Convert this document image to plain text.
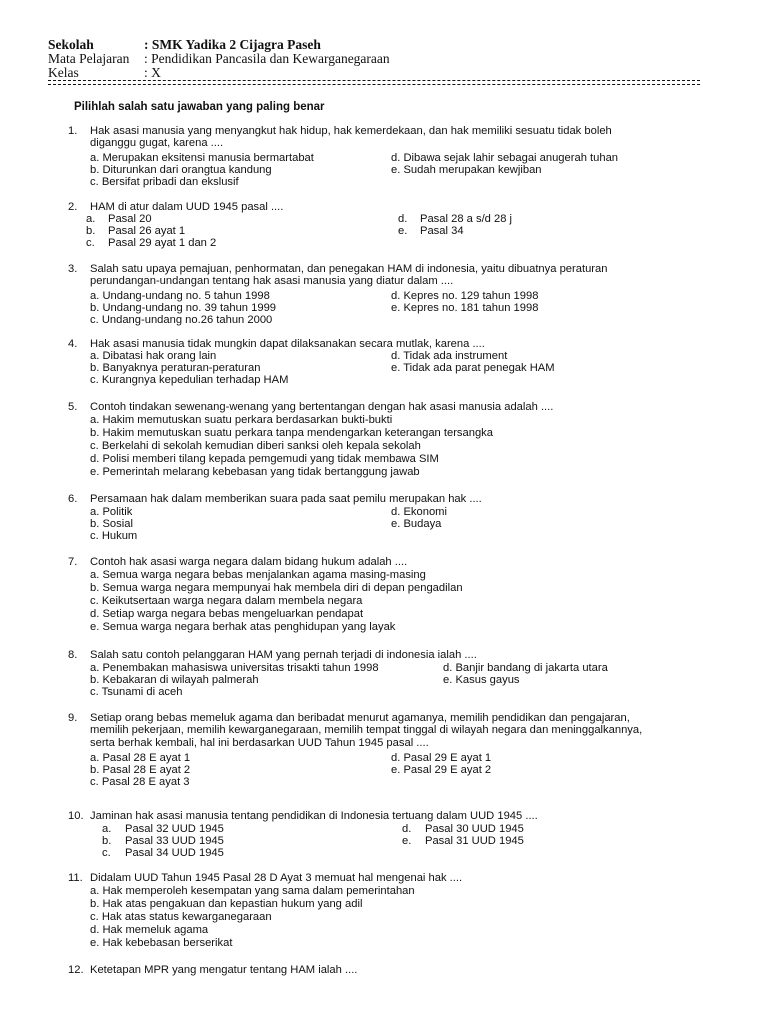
Sekolah	: SMK Yadika 2 Cijagra Paseh
Mata Pelajaran : Pendidikan Pancasila dan Kewarganegaraan
Kelas	: X
Pilihlah salah satu jawaban yang paling benar
1. Hak asasi manusia yang menyangkut hak hidup, hak kemerdekaan, dan hak memiliki sesuatu tidak boleh
diganggu gugat, karena ....
a. Merupakan eksitensi manusia bermartabat
b. Diturunkan dari orangtua kandung
c. Bersifat pribadi dan ekslusif
d. Dibawa sejak lahir sebagai anugerah tuhan
e. Sudah merupakan kewjiban
2. HAM di atur dalam UUD 1945 pasal ....
a. Pasal 20
b. Pasal 26 ayat 1
c. Pasal 29 ayat 1 dan 2
d. Pasal 28 a s/d 28 j
e. Pasal 34
3. Salah satu upaya pemajuan, penhormatan, dan penegakan HAM di indonesia, yaitu dibuatnya peraturan
perundangan-undangan tentang hak asasi manusia yang diatur dalam ....
a. Undang-undang no. 5 tahun 1998
b. Undang-undang no. 39 tahun 1999
c. Undang-undang no.26 tahun 2000
d. Kepres no. 129 tahun 1998
e. Kepres no. 181 tahun 1998
4. Hak asasi manusia tidak mungkin dapat dilaksanakan secara mutlak, karena ....
a. Dibatasi hak orang lain
b. Banyaknya peraturan-peraturan
c. Kurangnya kepedulian terhadap HAM
d. Tidak ada instrument
e. Tidak ada parat penegak HAM
5. Contoh tindakan sewenang-wenang yang bertentangan dengan hak asasi manusia adalah ....
a. Hakim memutuskan suatu perkara berdasarkan bukti-bukti
b. Hakim memutuskan suatu perkara tanpa mendengarkan keterangan tersangka
c. Berkelahi di sekolah kemudian diberi sanksi oleh kepala sekolah
d. Polisi memberi tilang kepada pemgemudi yang tidak membawa SIM
e. Pemerintah melarang kebebasan yang tidak bertanggung jawab
6. Persamaan hak dalam memberikan suara pada saat pemilu merupakan hak ....
a. Politik
b. Sosial
c. Hukum
d. Ekonomi
e. Budaya
7. Contoh hak asasi warga negara dalam bidang hukum adalah ....
a. Semua warga negara bebas menjalankan agama masing-masing
b. Semua warga negara mempunyai hak membela diri di depan pengadilan
c. Keikutsertaan warga negara dalam membela negara
d. Setiap warga negara bebas mengeluarkan pendapat
e. Semua warga negara berhak atas penghidupan yang layak
8. Salah satu contoh pelanggaran HAM yang pernah terjadi di indonesia ialah ....
a. Penembakan mahasiswa universitas trisakti tahun 1998
b. Kebakaran di wilayah palmerah
c. Tsunami di aceh
d. Banjir bandang di jakarta utara
e. Kasus gayus
9. Setiap orang bebas memeluk agama dan beribadat menurut agamanya, memilih pendidikan dan pengajaran,
memilih pekerjaan, memilih kewarganegaraan, memilih tempat tinggal di wilayah negara dan meninggalkannya,
serta berhak kembali, hal ini berdasarkan UUD Tahun 1945 pasal ....
a. Pasal 28 E ayat 1
b. Pasal 28 E ayat 2
c. Pasal 28 E ayat 3
d. Pasal 29 E ayat 1
e. Pasal 29 E ayat 2
10. Jaminan hak asasi manusia tentang pendidikan di Indonesia tertuang dalam UUD 1945 ....
a. Pasal 32 UUD 1945
b. Pasal 33 UUD 1945
c. Pasal 34 UUD 1945
d. Pasal 30 UUD 1945
e. Pasal 31 UUD 1945
11. Didalam UUD Tahun 1945 Pasal 28 D Ayat 3 memuat hal mengenai hak ....
a. Hak memperoleh kesempatan yang sama dalam pemerintahan
b. Hak atas pengakuan dan kepastian hukum yang adil
c. Hak atas status kewarganegaraan
d. Hak memeluk agama
e. Hak kebebasan berserikat
12. Ketetapan MPR yang mengatur tentang HAM ialah ....
